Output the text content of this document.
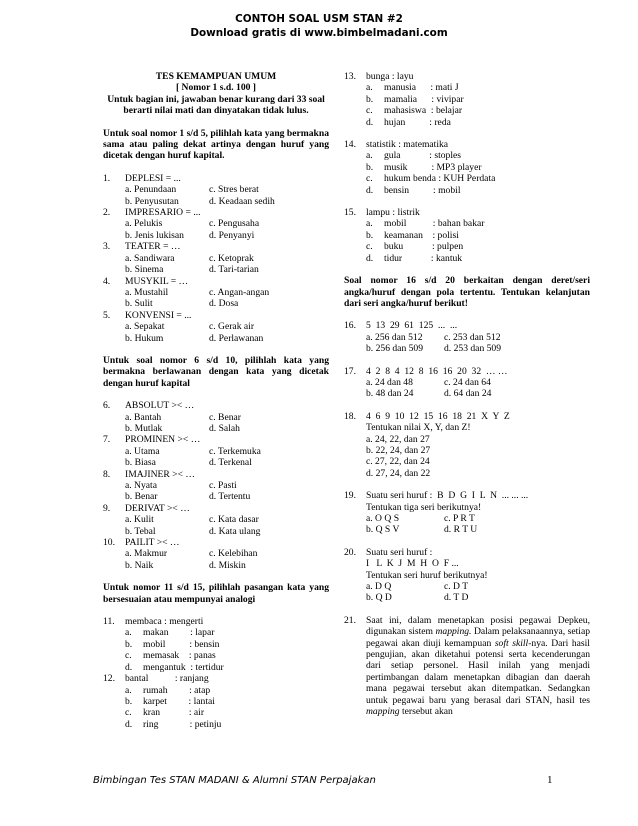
CONTOH SOAL USM STAN #2
Download gratis di www.bimbelmadani.com
TES KEMAMPUAN UMUM
[ Nomor 1 s.d. 100 ]
Untuk bagian ini, jawaban benar kurang dari 33 soal berarti nilai mati dan dinyatakan tidak lulus.
Untuk soal nomor 1 s/d 5, pilihlah kata yang bermakna sama atau paling dekat artinya dengan huruf yang dicetak dengan huruf kapital.
1.	DEPLESI = ...
a. Penundaan	c. Stres berat
b. Penyusutan	d. Keadaan sedih
2.	IMPRESARIO = ...
a. Pelukis	c. Pengusaha
b. Jenis lukisan	d. Penyanyi
3.	TEATER = …
a. Sandiwara	c. Ketoprak
b. Sinema	d. Tari-tarian
4.	MUSYKIL = …
a. Mustahil	c. Angan-angan
b. Sulit	d. Dosa
5.	KONVENSI = ...
a. Sepakat	c. Gerak air
b. Hukum	d. Perlawanan
Untuk soal nomor 6 s/d 10, pilihlah kata yang bermakna berlawanan dengan kata yang dicetak dengan huruf kapital
6.	ABSOLUT >< …
a. Bantah	c. Benar
b. Mutlak	d. Salah
7.	PROMINEN >< …
a. Utama	c. Terkemuka
b. Biasa	d. Terkenal
8.	IMAJINER >< …
a. Nyata	c. Pasti
b. Benar	d. Tertentu
9.	DERIVAT >< …
a. Kulit	c. Kata dasar
b. Tebal	d. Kata ulang
10.	PAILIT >< …
a. Makmur	c. Kelebihan
b. Naik	d. Miskin
Untuk nomor 11 s/d 15, pilihlah pasangan kata yang bersesuaian atau mempunyai analogi
11.	membaca : mengerti
a.	makan         : lapar
b.	mobil          : bensin
c.	memasak    : panas
d.	mengantuk  : tertidur
12.	bantal           : ranjang
a.	rumah         : atap
b.	karpet         : lantai
c.	kran            : air
d.	ring             : petinju
13.	bunga : layu
a.	manusia      : mati J
b.	mamalia      : vivipar
c.	mahasiswa  : belajar
d.	hujan          : reda
14.	statistik : matematika
a.	gula            : stoples
b.	musik          : MP3 player
c.	hukum benda : KUH Perdata
d.	bensin          : mobil
15.	lampu : listrik
a.	mobil           : bahan bakar
b.	keamanan    : polisi
c.	buku            : pulpen
d.	tidur            : kantuk
Soal nomor 16 s/d 20 berkaitan dengan deret/seri angka/huruf dengan pola tertentu. Tentukan kelanjutan dari seri angka/huruf berikut!
16.	5  13  29  61  125  ...  ...
a. 256 dan 512	c. 253 dan 512
b. 256 dan 509	d. 253 dan 509
17.	4  2  8  4  12  8  16  16  20  32  … …
a. 24 dan 48	c. 24 dan 64
b. 48 dan 24	d. 64 dan 24
18.	4  6  9  10  12  15  16  18  21  X  Y  Z
Tentukan nilai X, Y, dan Z!
a. 24, 22, dan 27
b. 22, 24, dan 27
c. 27, 22, dan 24
d. 27, 24, dan 22
19.	Suatu seri huruf :  B  D  G  I  L  N  ... ... ...
Tentukan tiga seri berikutnya!
a. O Q S	c. P R T
b. Q S V	d. R T U
20.	Suatu seri huruf :
I   L  K  J  M  H  O  F ...
Tentukan seri huruf berikutnya!
a. D Q	c. D T
b. Q D	d. T D
21.	Saat ini, dalam menetapkan posisi pegawai Depkeu, digunakan sistem mapping. Dalam pelaksanaannya, setiap pegawai akan diuji kemampuan soft skill-nya. Dari hasil pengujian, akan diketahui potensi serta kecenderungan dari setiap personel. Hasil inilah yang menjadi pertimbangan dalam menetapkan dibagian dan daerah mana pegawai tersebut akan ditempatkan. Sedangkan untuk pegawai baru yang berasal dari STAN, hasil tes mapping tersebut akan
Bimbingan Tes STAN MADANI & Alumni STAN Perpajakan	1
